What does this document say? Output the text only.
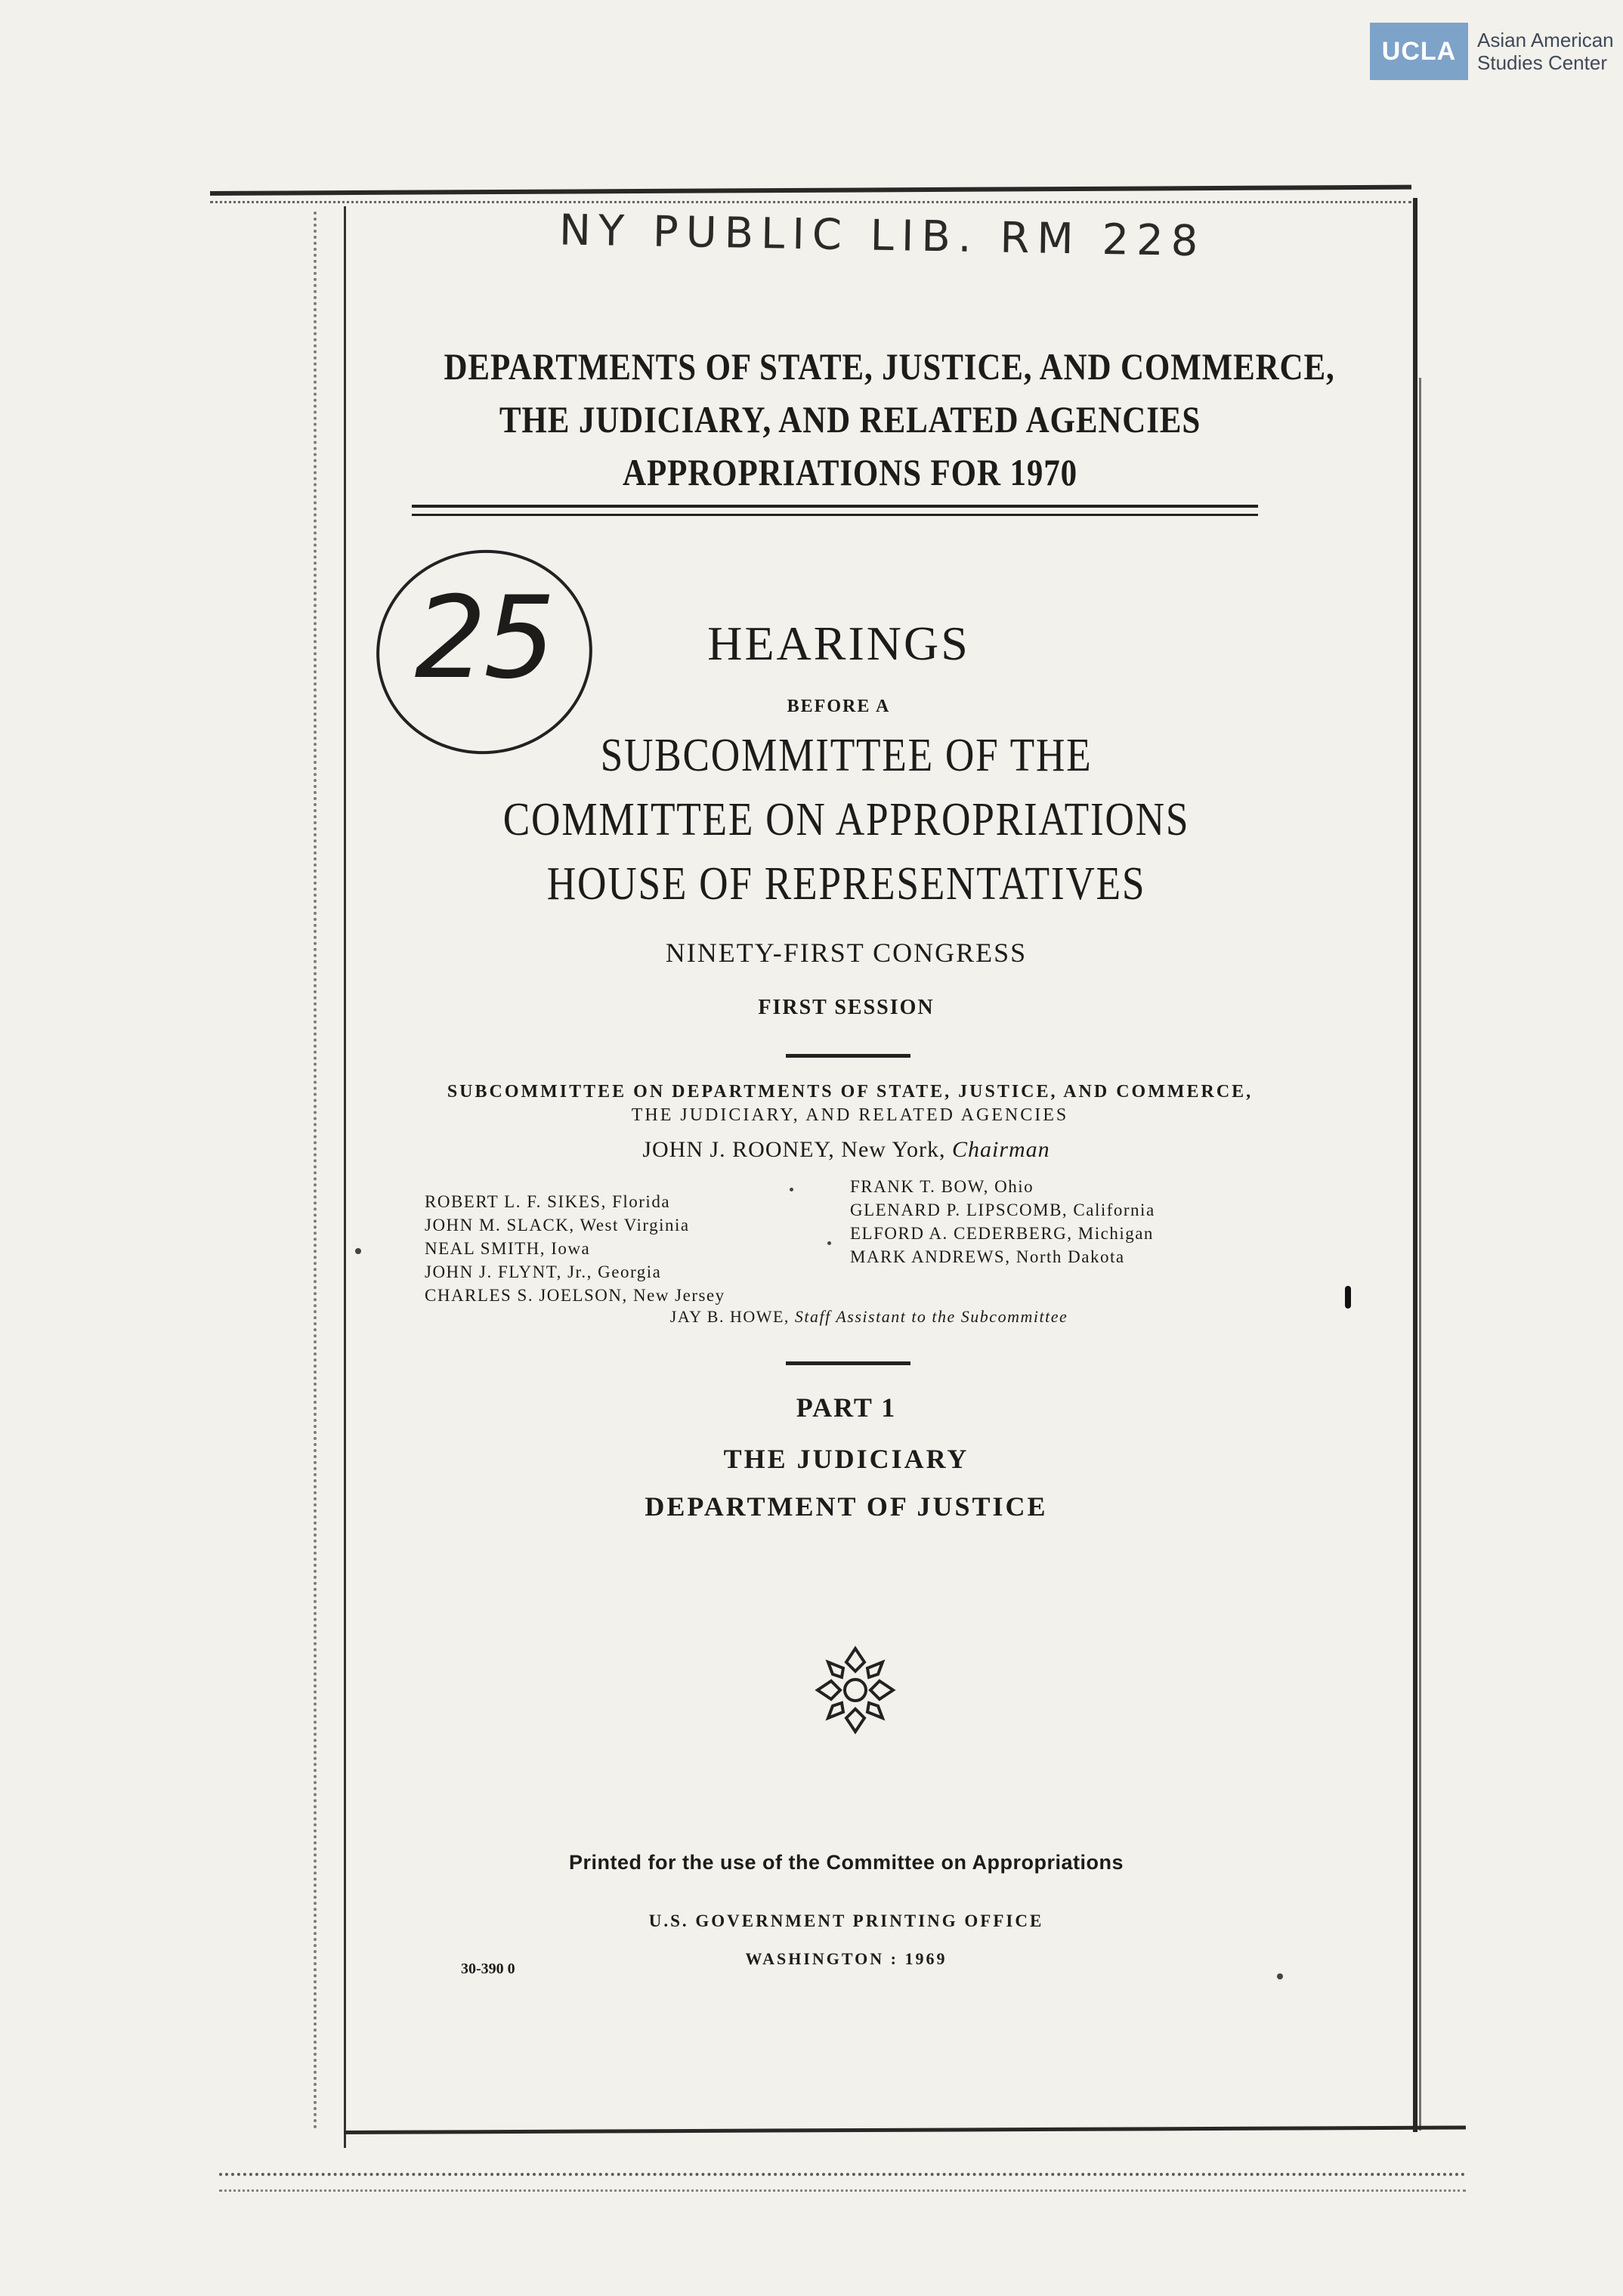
UCLA	Asian American
Studies Center
NY PUBLIC LIB. RM 228
DEPARTMENTS OF STATE, JUSTICE, AND COMMERCE,
THE JUDICIARY, AND RELATED AGENCIES
APPROPRIATIONS FOR 1970
25	HEARINGS
BEFORE A
SUBCOMMITTEE OF THE
COMMITTEE ON APPROPRIATIONS
HOUSE OF REPRESENTATIVES
NINETY-FIRST CONGRESS
FIRST SESSION
SUBCOMMITTEE ON DEPARTMENTS OF STATE, JUSTICE, AND COMMERCE,
THE JUDICIARY, AND RELATED AGENCIES
JOHN J. ROONEY, New York, Chairman
ROBERT L. F. SIKES, Florida
JOHN M. SLACK, West Virginia
NEAL SMITH, Iowa
JOHN J. FLYNT, Jr., Georgia
CHARLES S. JOELSON, New Jersey
FRANK T. BOW, Ohio
GLENARD P. LIPSCOMB, California
ELFORD A. CEDERBERG, Michigan
MARK ANDREWS, North Dakota
JAY B. HOWE, Staff Assistant to the Subcommittee
PART 1
THE JUDICIARY
DEPARTMENT OF JUSTICE
Printed for the use of the Committee on Appropriations
U.S. GOVERNMENT PRINTING OFFICE
WASHINGTON : 1969
30-390 0
